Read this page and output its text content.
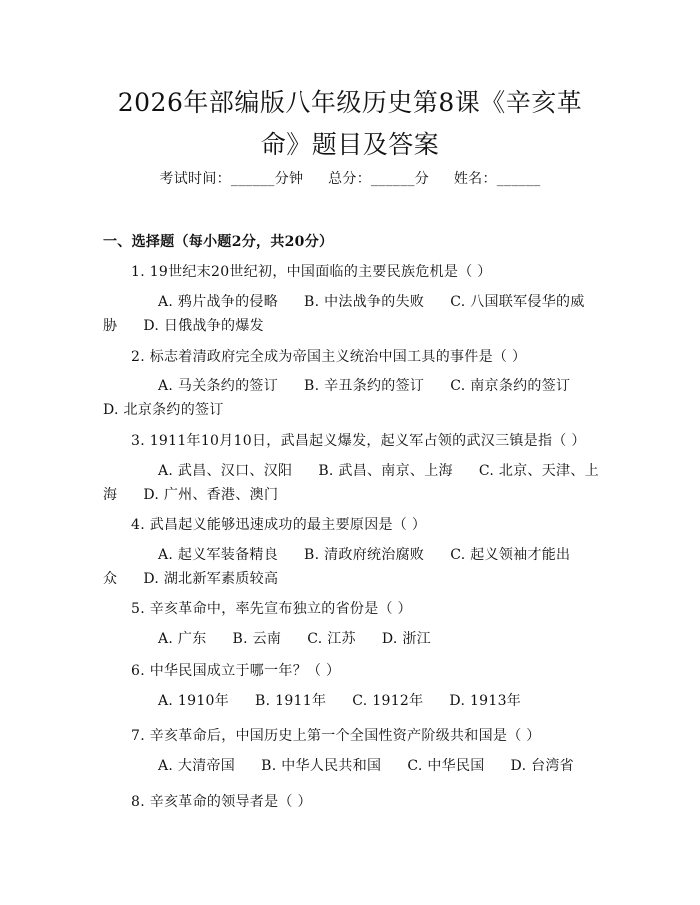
2026年部编版八年级历史第8课《辛亥革命》题目及答案
考试时间：______分钟 总分：______分 姓名：______
一、选择题（每小题2分，共20分）
1. 19世纪末20世纪初，中国面临的主要民族危机是（ ）
A. 鸦片战争的侵略 B. 中法战争的失败 C. 八国联军侵华的威胁 D. 日俄战争的爆发
2. 标志着清政府完全成为帝国主义统治中国工具的事件是（ ）
A. 马关条约的签订 B. 辛丑条约的签订 C. 南京条约的签订D. 北京条约的签订
3. 1911年10月10日，武昌起义爆发，起义军占领的武汉三镇是指（ ）
A. 武昌、汉口、汉阳 B. 武昌、南京、上海 C. 北京、天津、上海 D. 广州、香港、澳门
4. 武昌起义能够迅速成功的最主要原因是（ ）
A. 起义军装备精良 B. 清政府统治腐败 C. 起义领袖才能出众 D. 湖北新军素质较高
5. 辛亥革命中，率先宣布独立的省份是（ ）
A. 广东 B. 云南 C. 江苏 D. 浙江
6. 中华民国成立于哪一年？（ ）
A. 1910年 B. 1911年 C. 1912年 D. 1913年
7. 辛亥革命后，中国历史上第一个全国性资产阶级共和国是（ ）
A. 大清帝国 B. 中华人民共和国 C. 中华民国 D. 台湾省
8. 辛亥革命的领导者是（ ）
